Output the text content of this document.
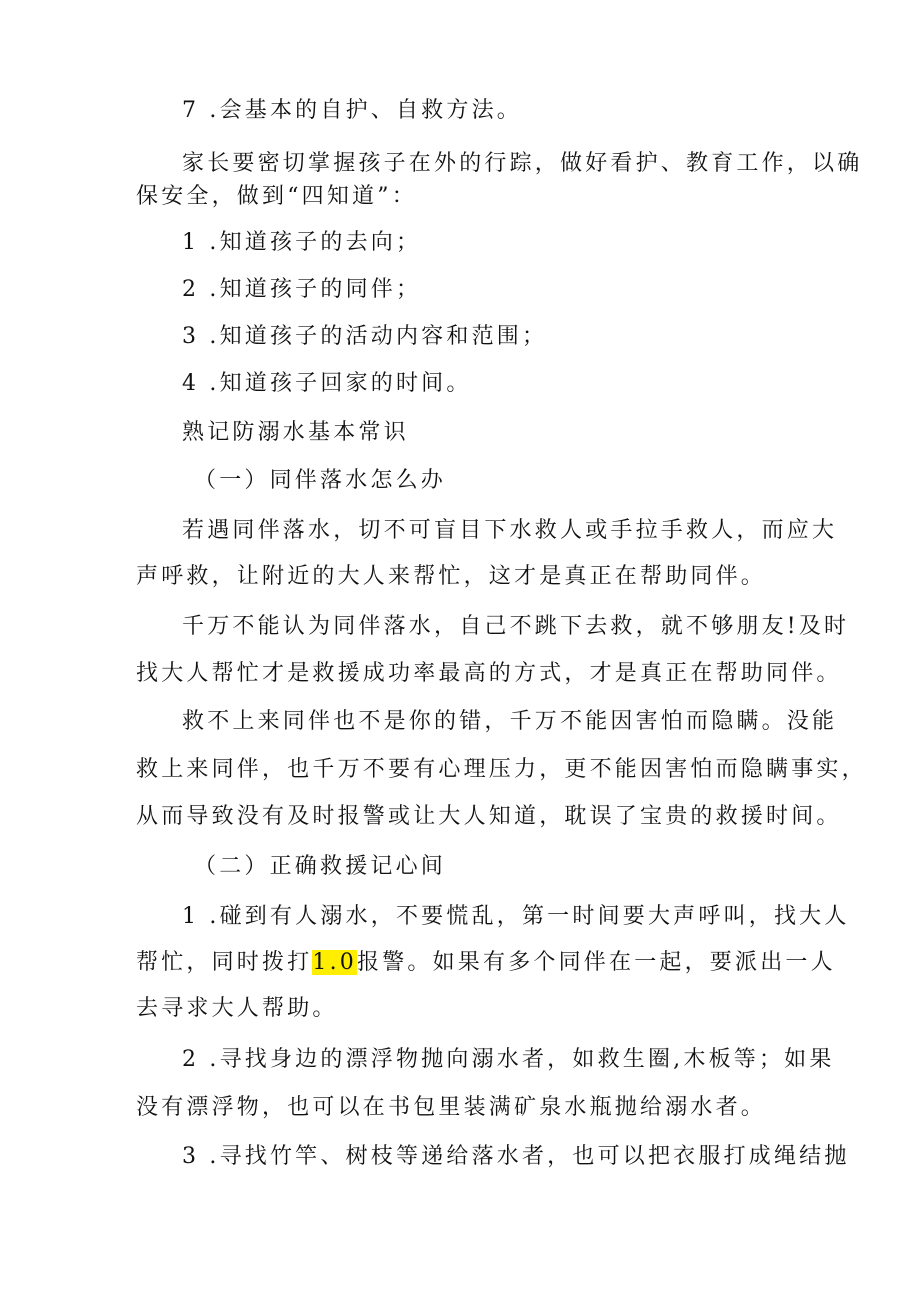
7 .会基本的自护、自救方法。
家长要密切掌握孩子在外的行踪，做好看护、教育工作，以确
保安全，做到“四知道”：
1 .知道孩子的去向；
2 .知道孩子的同伴；
3 .知道孩子的活动内容和范围；
4 .知道孩子回家的时间。
熟记防溺水基本常识
（一）同伴落水怎么办
若遇同伴落水，切不可盲目下水救人或手拉手救人，而应大
声呼救，让附近的大人来帮忙，这才是真正在帮助同伴。
千万不能认为同伴落水，自己不跳下去救，就不够朋友!及时
找大人帮忙才是救援成功率最高的方式，才是真正在帮助同伴。
救不上来同伴也不是你的错，千万不能因害怕而隐瞒。没能
救上来同伴，也千万不要有心理压力，更不能因害怕而隐瞒事实，
从而导致没有及时报警或让大人知道，耽误了宝贵的救援时间。
（二）正确救援记心间
1 .碰到有人溺水，不要慌乱，第一时间要大声呼叫，找大人
帮忙，同时拨打1.0报警。如果有多个同伴在一起，要派出一人
去寻求大人帮助。
2 .寻找身边的漂浮物抛向溺水者，如救生圈,木板等；如果
没有漂浮物，也可以在书包里装满矿泉水瓶抛给溺水者。
3 .寻找竹竿、树枝等递给落水者，也可以把衣服打成绳结抛
